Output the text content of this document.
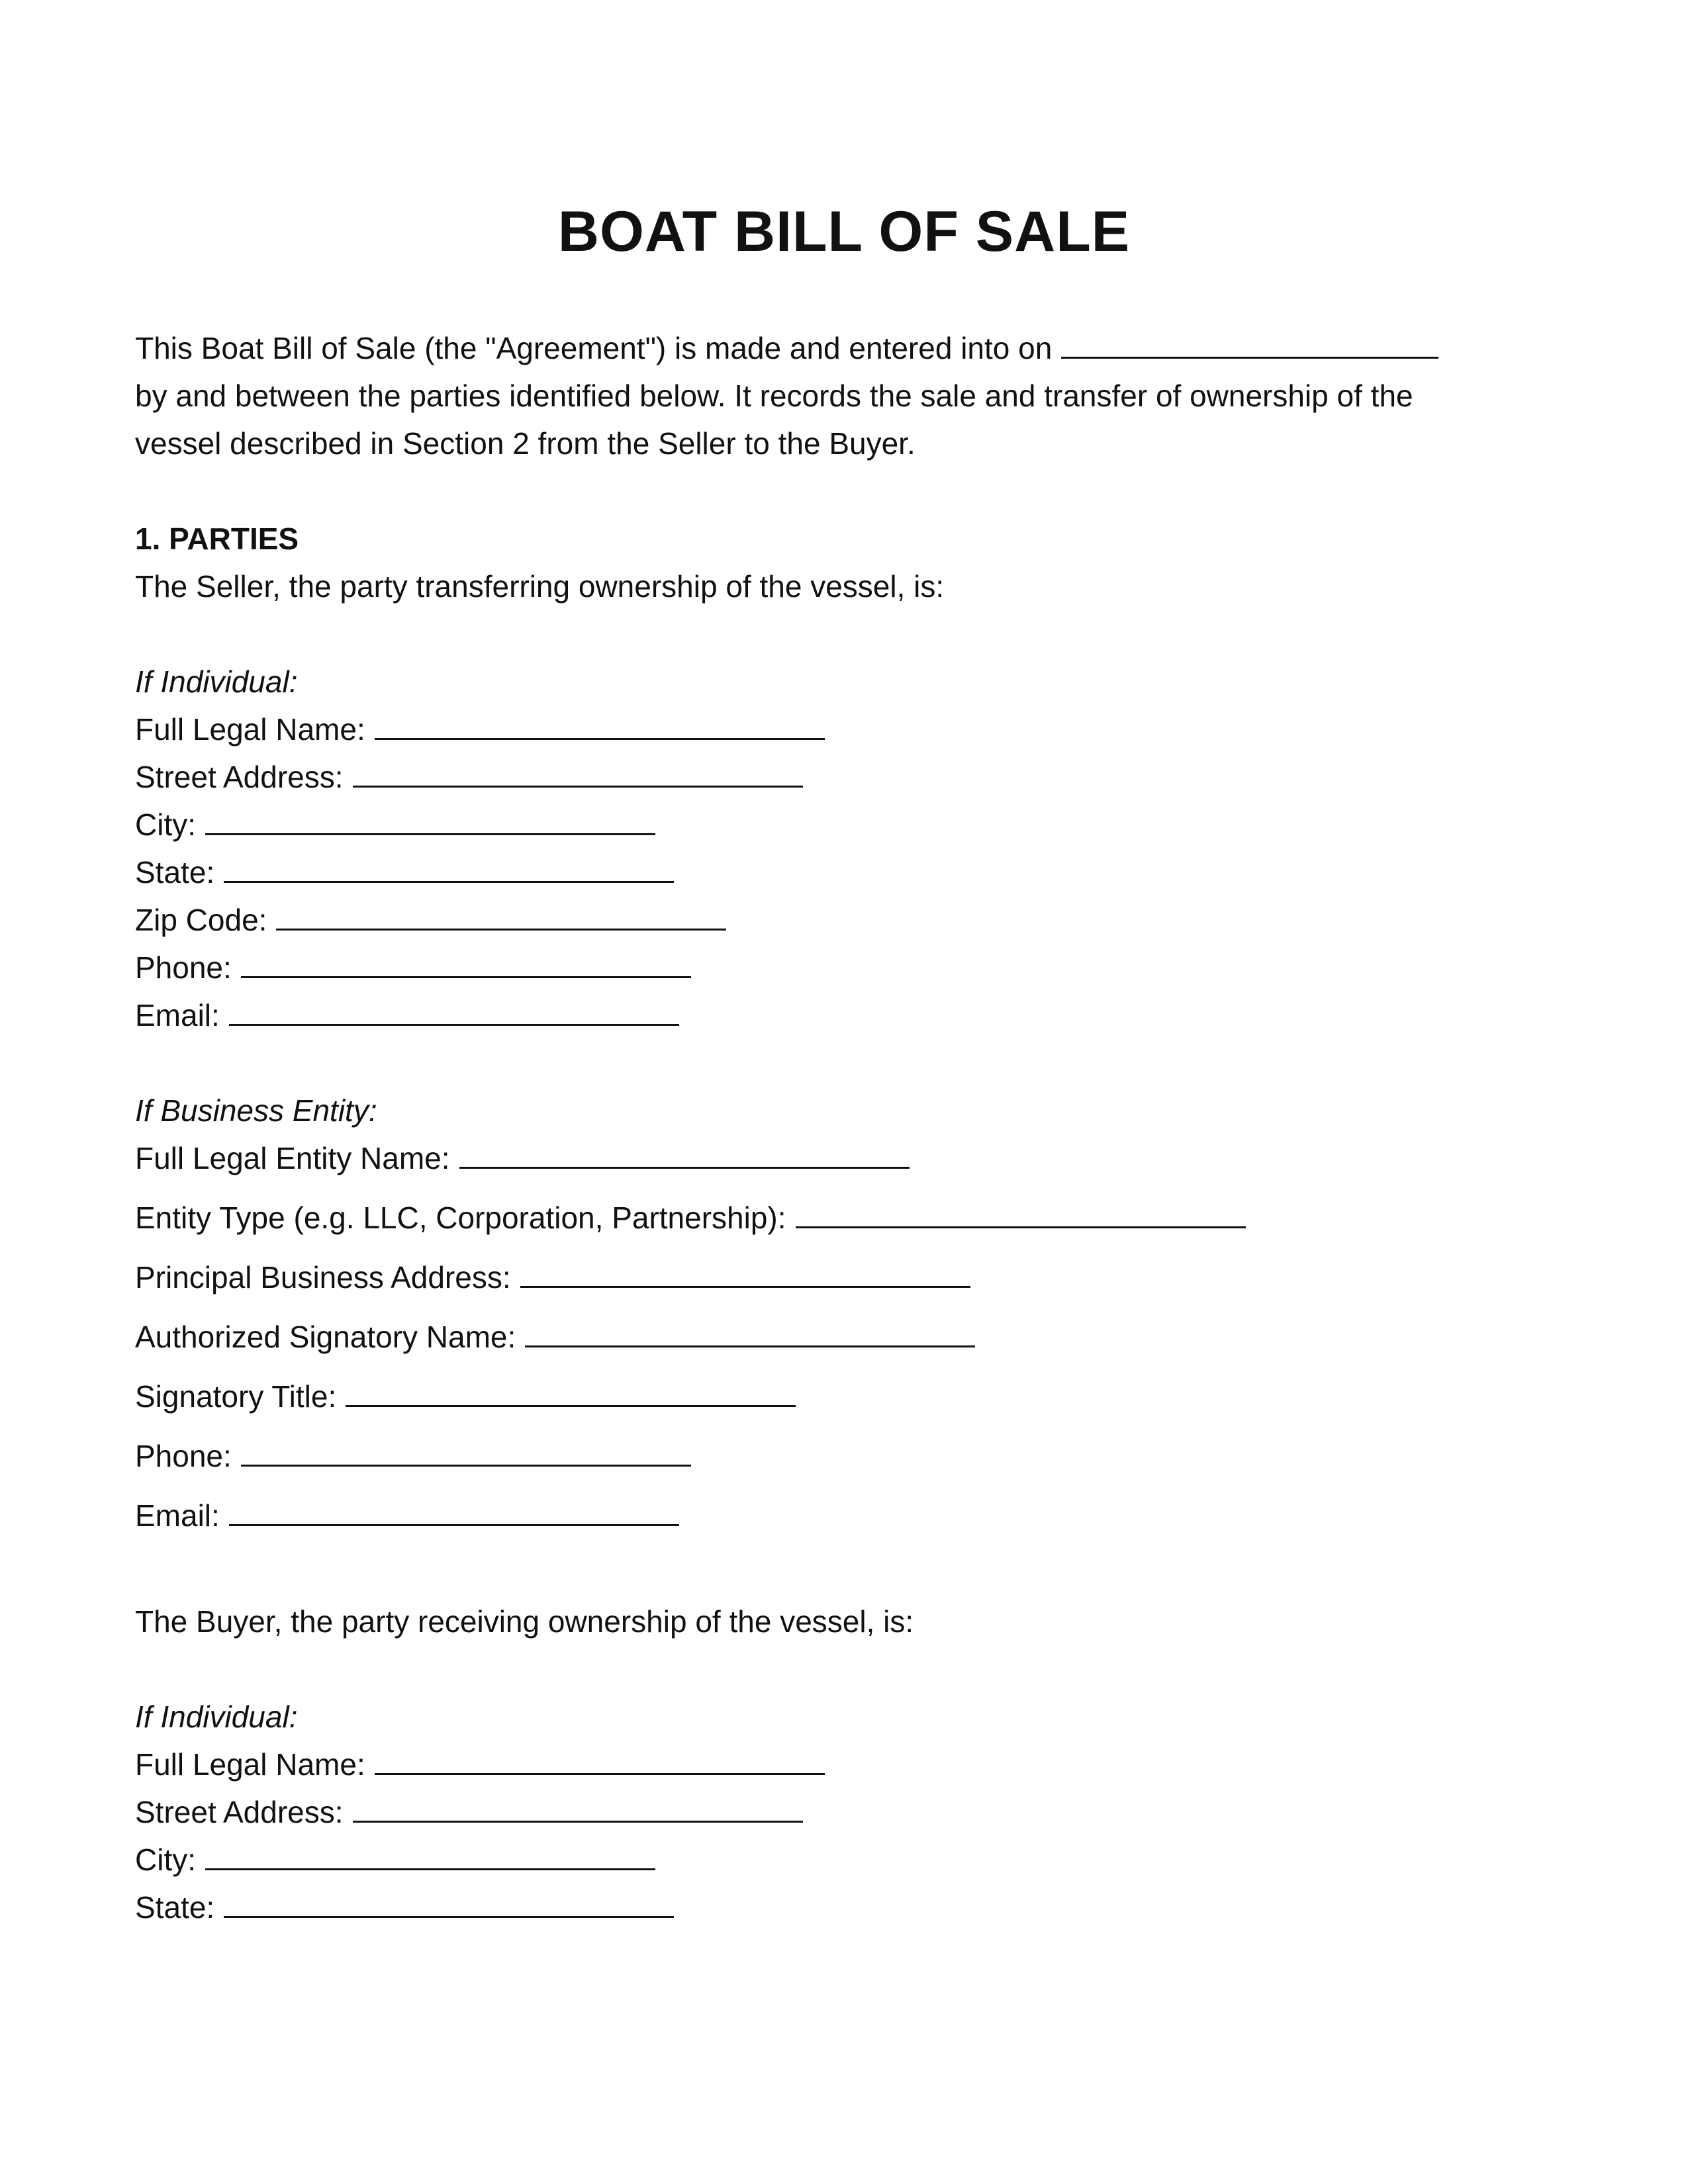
BOAT BILL OF SALE
This Boat Bill of Sale (the "Agreement") is made and entered into on
by and between the parties identified below. It records the sale and transfer of ownership of the
vessel described in Section 2 from the Seller to the Buyer.
1. PARTIES
The Seller, the party transferring ownership of the vessel, is:
If Individual:
Full Legal Name:
Street Address:
City:
State:
Zip Code:
Phone:
Email:
If Business Entity:
Full Legal Entity Name:
Entity Type (e.g. LLC, Corporation, Partnership):
Principal Business Address:
Authorized Signatory Name:
Signatory Title:
Phone:
Email:
The Buyer, the party receiving ownership of the vessel, is:
If Individual:
Full Legal Name:
Street Address:
City:
State:
